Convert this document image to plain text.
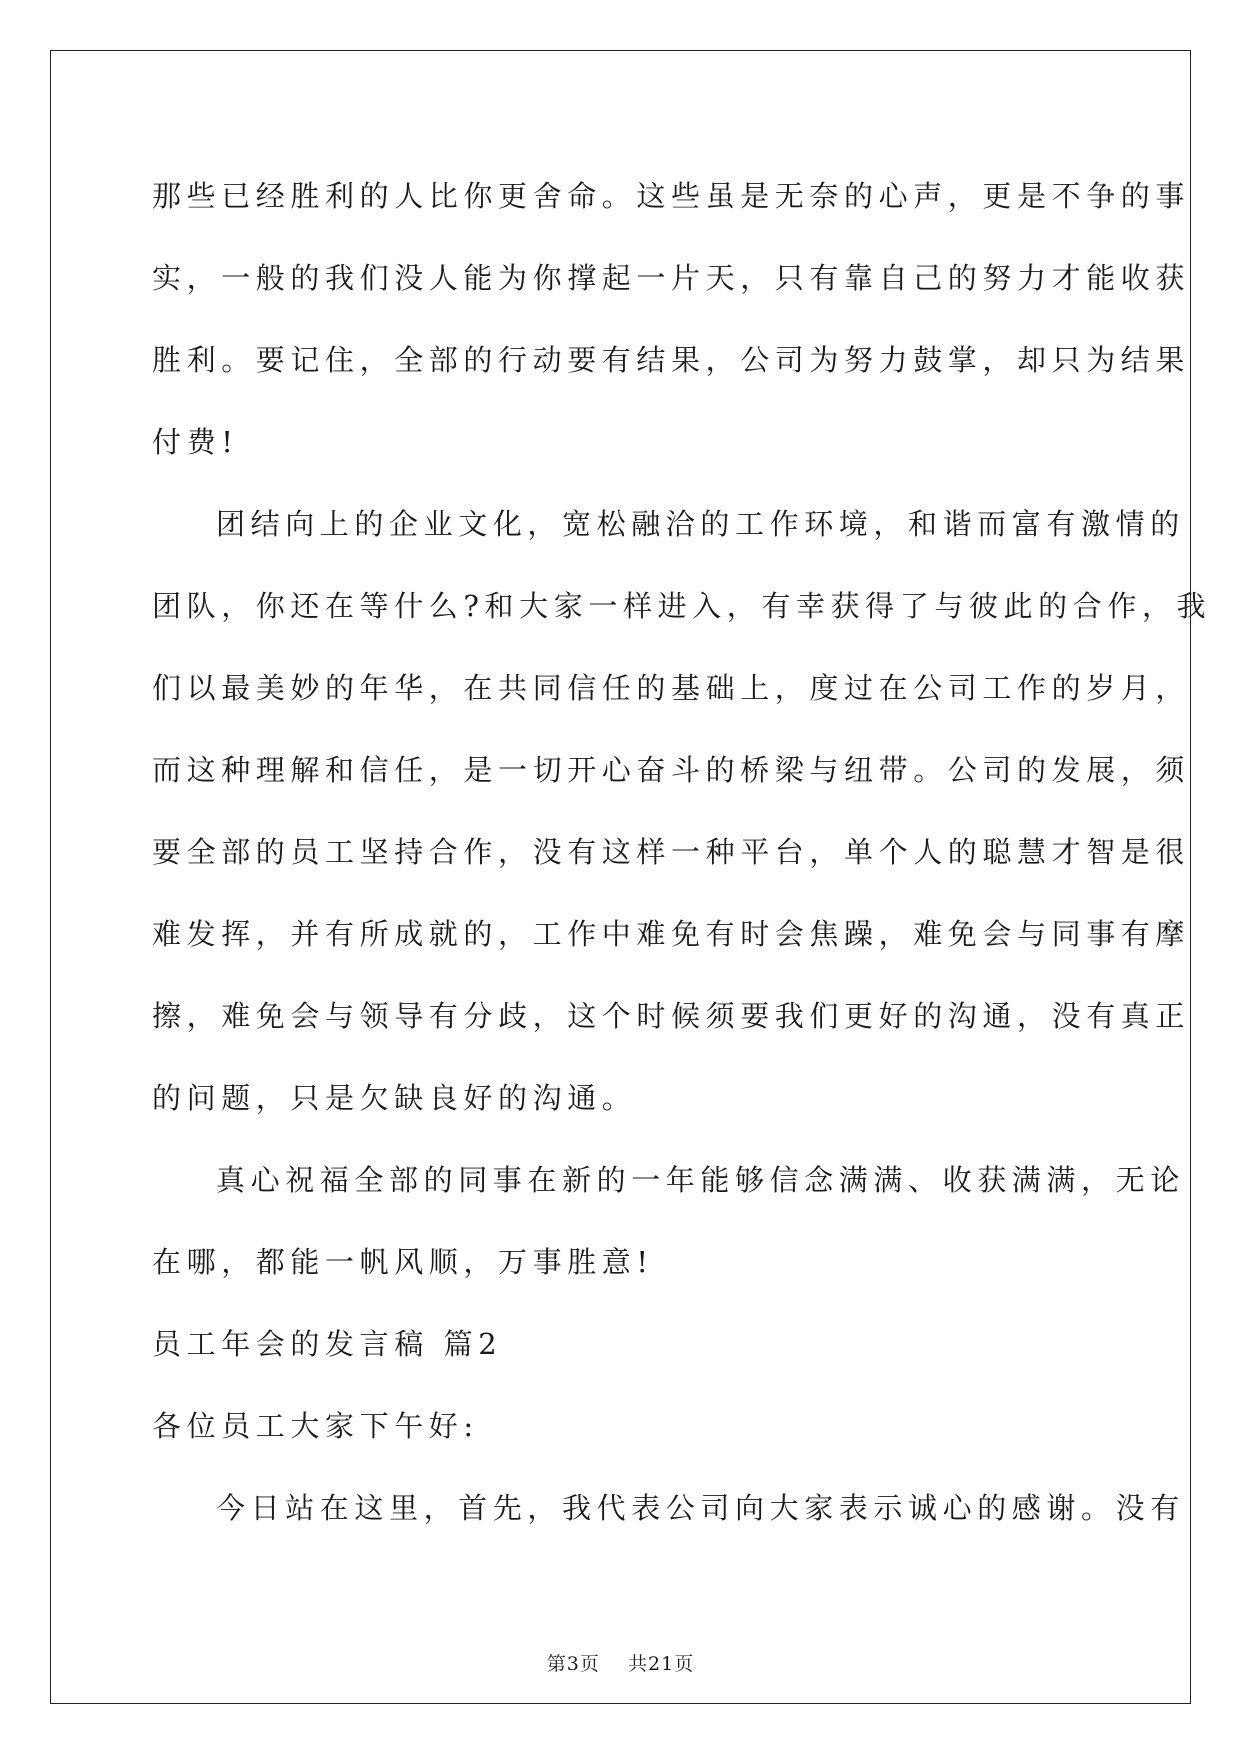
那些已经胜利的人比你更舍命。这些虽是无奈的心声，更是不争的事

实，一般的我们没人能为你撑起一片天，只有靠自己的努力才能收获

胜利。要记住，全部的行动要有结果，公司为努力鼓掌，却只为结果

付费!

团结向上的企业文化，宽松融洽的工作环境，和谐而富有激情的

团队，你还在等什么?和大家一样进入，有幸获得了与彼此的合作，我

们以最美妙的年华，在共同信任的基础上，度过在公司工作的岁月，

而这种理解和信任，是一切开心奋斗的桥梁与纽带。公司的发展，须

要全部的员工坚持合作，没有这样一种平台，单个人的聪慧才智是很

难发挥，并有所成就的，工作中难免有时会焦躁，难免会与同事有摩

擦，难免会与领导有分歧，这个时候须要我们更好的沟通，没有真正

的问题，只是欠缺良好的沟通。

真心祝福全部的同事在新的一年能够信念满满、收获满满，无论

在哪，都能一帆风顺，万事胜意!

员工年会的发言稿 篇2

各位员工大家下午好:

今日站在这里，首先，我代表公司向大家表示诚心的感谢。没有

第3页 共21页
